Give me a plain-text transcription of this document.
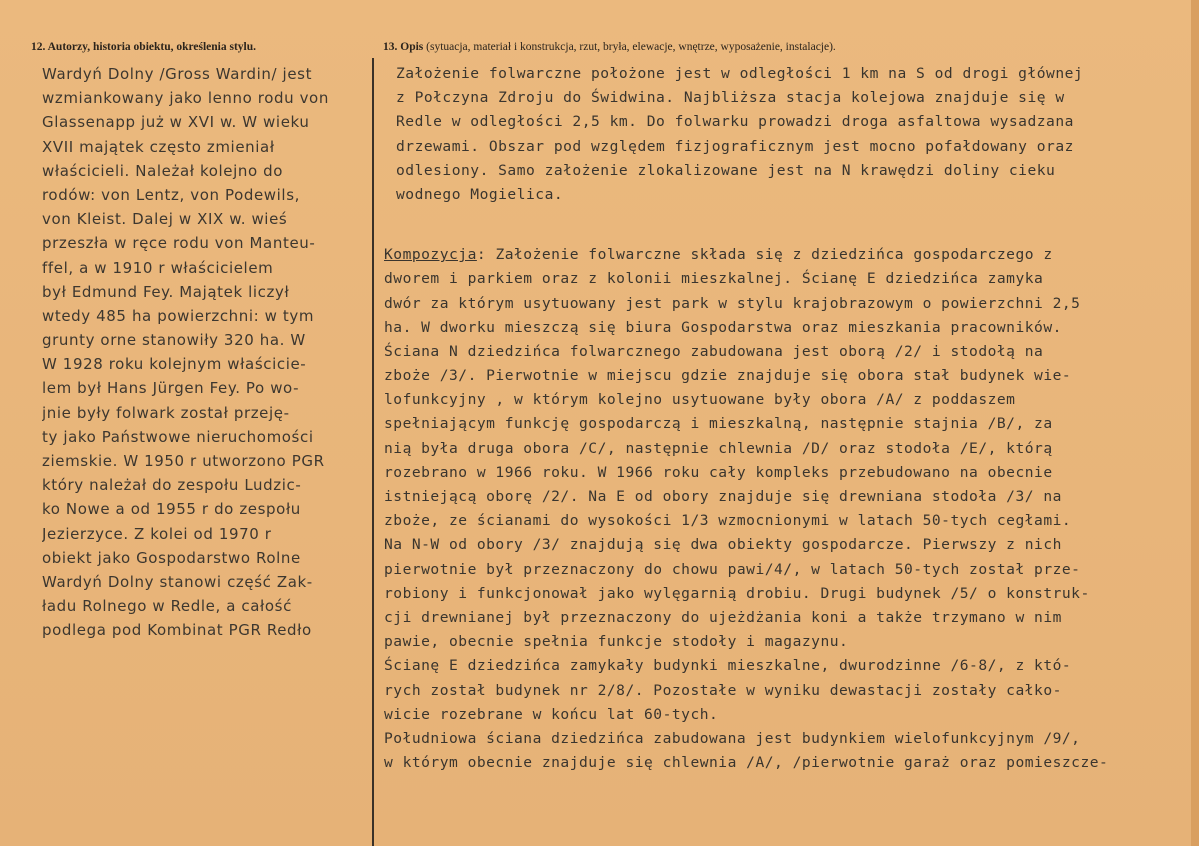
12. Autorzy, historia obiektu, określenia stylu.	13. Opis (sytuacja, materiał i konstrukcja, rzut, bryła, elewacje, wnętrze, wyposażenie, instalacje).
Wardyń Dolny /Gross Wardin/ jest
wzmiankowany jako lenno rodu von
Glassenapp już w XVI w. W wieku
XVII majątek często zmieniał
właścicieli. Należał kolejno do
rodów: von Lentz, von Podewils,
von Kleist. Dalej w XIX w. wieś
przeszła w ręce rodu von Manteu-
ffel, a w 1910 r właścicielem
był Edmund Fey. Majątek liczył
wtedy 485 ha powierzchni: w tym
grunty orne stanowiły 320 ha. W
W 1928 roku kolejnym właściciе-
lem był Hans Jürgen Fey. Po wo-
jnie były folwark został przeję-
ty jako Państwowe nieruchomości
ziemskie. W 1950 r utworzono PGR
który należał do zespołu Ludzic-
ko Nowe a od 1955 r do zespołu
Jezierzyce. Z kolei od 1970 r
obiekt jako Gospodarstwo Rolne
Wardyń Dolny stanowi część Zak-
ładu Rolnego w Redle, a całość
podlega pod Kombinat PGR Redło
Założenie folwarczne położone jest w odległości 1 km na S od drogi głównej
z Połczyna Zdroju do Świdwina. Najbliższa stacja kolejowa znajduje się w
Redle w odległości 2,5 km. Do folwarku prowadzi droga asfaltowa wysadzana
drzewami. Obszar pod względem fizjograficznym jest mocno pofałdowany oraz
odlesiony. Samo założenie zlokalizowane jest na N krawędzi doliny cieku
wodnego Mogielica.
Kompozycja: Założenie folwarczne składa się z dziedzińca gospodarczego z
dworem i parkiem oraz z kolonii mieszkalnej. Ścianę E dziedzińca zamyka
dwór za którym usytuowany jest park w stylu krajobrazowym o powierzchni 2,5
ha. W dworku mieszczą się biura Gospodarstwa oraz mieszkania pracowników.
Ściana N dziedzińca folwarcznego zabudowana jest oborą /2/ i stodołą na
zboże /3/. Pierwotnie w miejscu gdzie znajduje się obora stał budynek wie-
lofunkcyjny , w którym kolejno usytuowane były obora /A/ z poddaszem
spełniającym funkcję gospodarczą i mieszkalną, następnie stajnia /B/, za
nią była druga obora /C/, następnie chlewnia /D/ oraz stodoła /E/, którą
rozebrano w 1966 roku. W 1966 roku cały kompleks przebudowano na obecnie
istniejącą oborę /2/. Na E od obory znajduje się drewniana stodoła /3/ na
zboże, ze ścianami do wysokości 1/3 wzmocnionymi w latach 50-tych cegłami.
Na N-W od obory /3/ znajdują się dwa obiekty gospodarcze. Pierwszy z nich
pierwotnie był przeznaczony do chowu pawi/4/, w latach 50-tych został prze-
robiony i funkcjonował jako wylęgarnią drobiu. Drugi budynek /5/ o konstruk-
cji drewnianej był przeznaczony do ujeżdżania koni a także trzymano w nim
pawie, obecnie spełnia funkcje stodoły i magazynu.
Ścianę E dziedzińca zamykały budynki mieszkalne, dwurodzinne /6-8/, z któ-
rych został budynek nr 2/8/. Pozostałe w wyniku dewastacji zostały całko-
wicie rozebrane w końcu lat 60-tych.
Południowa ściana dziedzińca zabudowana jest budynkiem wielofunkcyjnym /9/,
w którym obecnie znajduje się chlewnia /A/, /pierwotnie garaż oraz pomieszcze-
